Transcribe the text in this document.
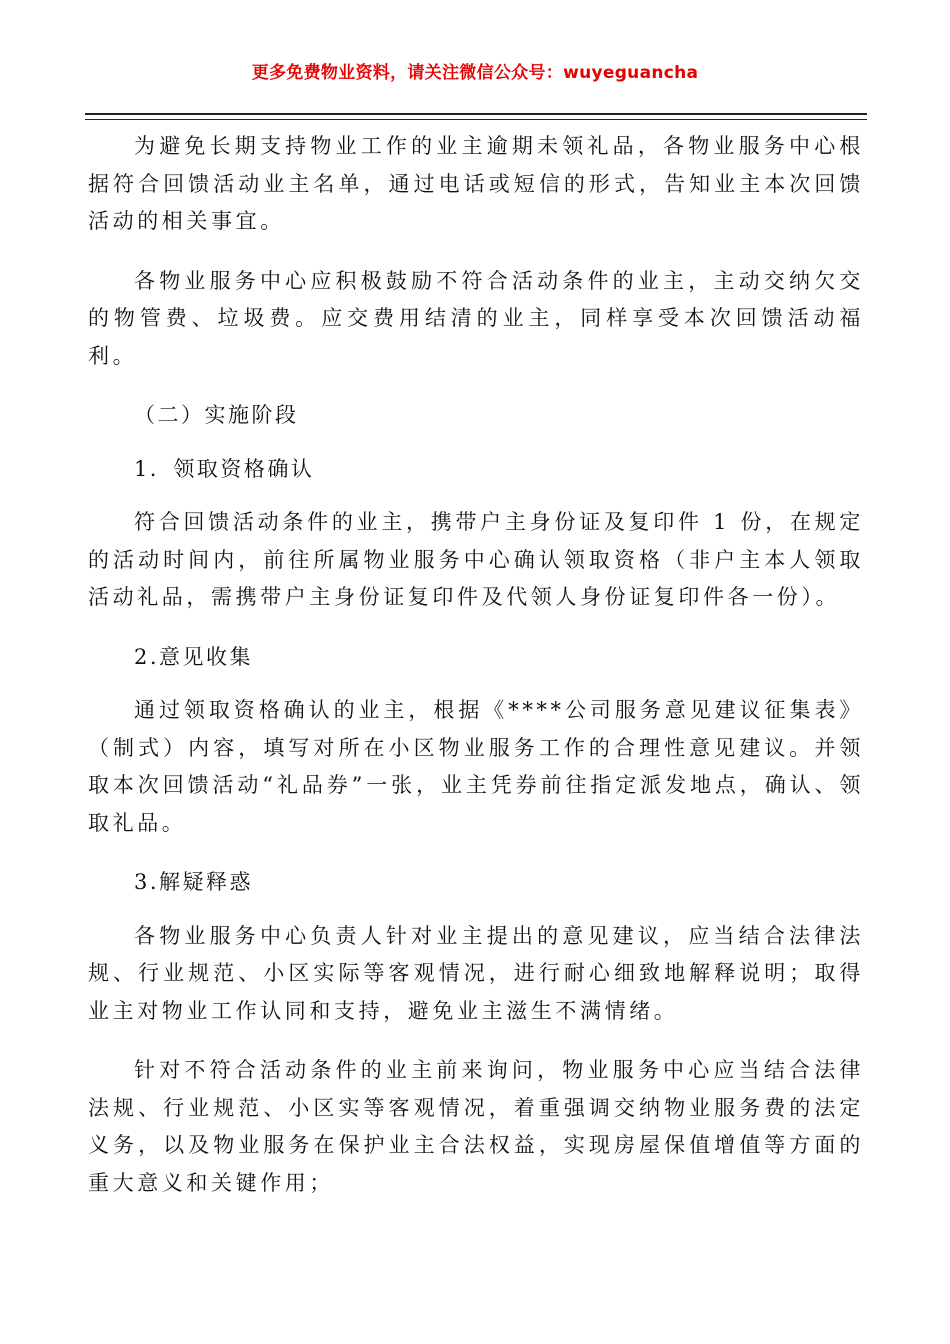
更多免费物业资料，请关注微信公众号：wuyeguancha

为避免长期支持物业工作的业主逾期未领礼品，各物业服务中心根据符合回馈活动业主名单，通过电话或短信的形式，告知业主本次回馈活动的相关事宜。

各物业服务中心应积极鼓励不符合活动条件的业主，主动交纳欠交的物管费、垃圾费。应交费用结清的业主，同样享受本次回馈活动福利。

（二）实施阶段

1．领取资格确认

符合回馈活动条件的业主，携带户主身份证及复印件 1 份，在规定的活动时间内，前往所属物业服务中心确认领取资格（非户主本人领取活动礼品，需携带户主身份证复印件及代领人身份证复印件各一份）。

2.意见收集

通过领取资格确认的业主，根据《****公司服务意见建议征集表》（制式）内容，填写对所在小区物业服务工作的合理性意见建议。并领取本次回馈活动“礼品券”一张，业主凭券前往指定派发地点，确认、领取礼品。

3.解疑释惑

各物业服务中心负责人针对业主提出的意见建议，应当结合法律法规、行业规范、小区实际等客观情况，进行耐心细致地解释说明；取得业主对物业工作认同和支持，避免业主滋生不满情绪。

针对不符合活动条件的业主前来询问，物业服务中心应当结合法律法规、行业规范、小区实等客观情况，着重强调交纳物业服务费的法定义务，以及物业服务在保护业主合法权益，实现房屋保值增值等方面的重大意义和关键作用；
